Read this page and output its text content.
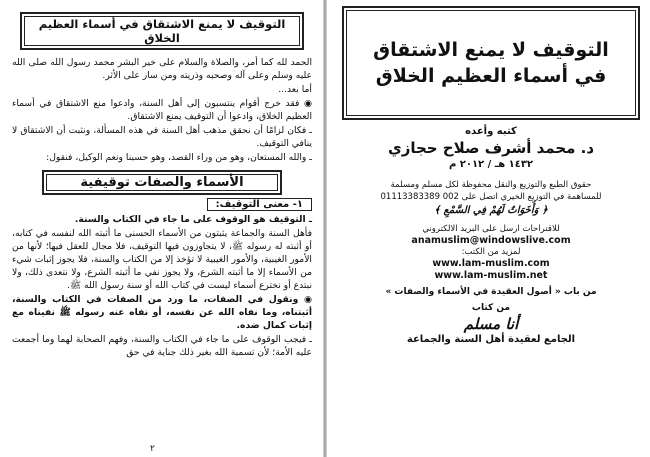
التوقيف لا يمنع الاشتقاق في أسماء العظيم الخلاق

الحمد لله كما أمر، والصلاة والسلام على خير البشر محمد رسول الله صلى الله عليه وسلم وعلى آله وصحبه وذريته ومن سار على الأثر.

أما بعد...

◉ فقد خرج أقوام ينتسبون إلى أهل السنة، وادعوا منع الاشتقاق في أسماء العظيم الخلاق، وادعوا أن التوقيف يمنع الاشتقاق.

ـ فكان لزامًا أن نحقق مذهب أهل السنة في هذه المسألة، ونثبت أن الاشتقاق لا ينافي التوقيف.

ـ والله المستعان، وهو من وراء القصد، وهو حسبنا ونعم الوكيل، فنقول:

الأسماء والصفات توقيفية
١- معنى التوقيف:

ـ التوقيف هو الوقوف على ما جاء في الكتاب والسنة.

فأهل السنة والجماعة يثبتون من الأسماء الحسنى ما أثبته الله لنفسه في كتابه، أو أثبته له رسوله ﷺ، لا يتجاوزون فيها التوقيف، فلا مجال للعقل فيها؛ لأنها من الأمور الغيبية، والأمور الغيبية لا تؤخذ إلا من الكتاب والسنة، فلا يجوز إثبات شيء من الأسماء إلا ما أثبته الشرع، ولا يجوز نفي ما أثبته الشرع، ولا نتعدى ذلك، ولا نبتدع أو نخترع أسماء ليست في كتاب الله أو سنة رسول الله ﷺ.

◉ ونقول في الصفات، ما ورد من الصفات في الكتاب والسنة، أثبتناه، وما نفاه الله عن نفسه، أو نفاه عنه رسوله ﷺ نفيناه مع إثبات كمال ضده.

ـ فيجب الوقوف على ما جاء في الكتاب والسنة، وفهم الصحابة لهما وما أجمعت عليه الأمة؛ لأن تسمية الله بغير ذلك جناية في حق

٢
التوقيف لا يمنع الاشتقاق
في أسماء العظيم الخلاق
كتبه وأعده
د. محمد أشرف صلاح حجازي
١٤٣٢ هـ / ٢٠١٢ م
حقوق الطبع والتوزيع والنقل محفوظة لكل مسلم ومسلمة
للمساهمة في التوزيع الخيري اتصل على 002 01113383389
﴿ وَأَخَوَاتٌ لَهُمْ فِي السَّمْعِ ﴾
للاقتراحات ارسل على البريد الالكتروني
anamuslim@windowslive.com
لمزيد من الكتب:
www.lam-muslim.com
www.lam-muslim.net
من باب « أصول العقيدة في الأسماء والصفات »
من كتاب
أنا مسلم
الجامع لعقيدة أهل السنة والجماعة
